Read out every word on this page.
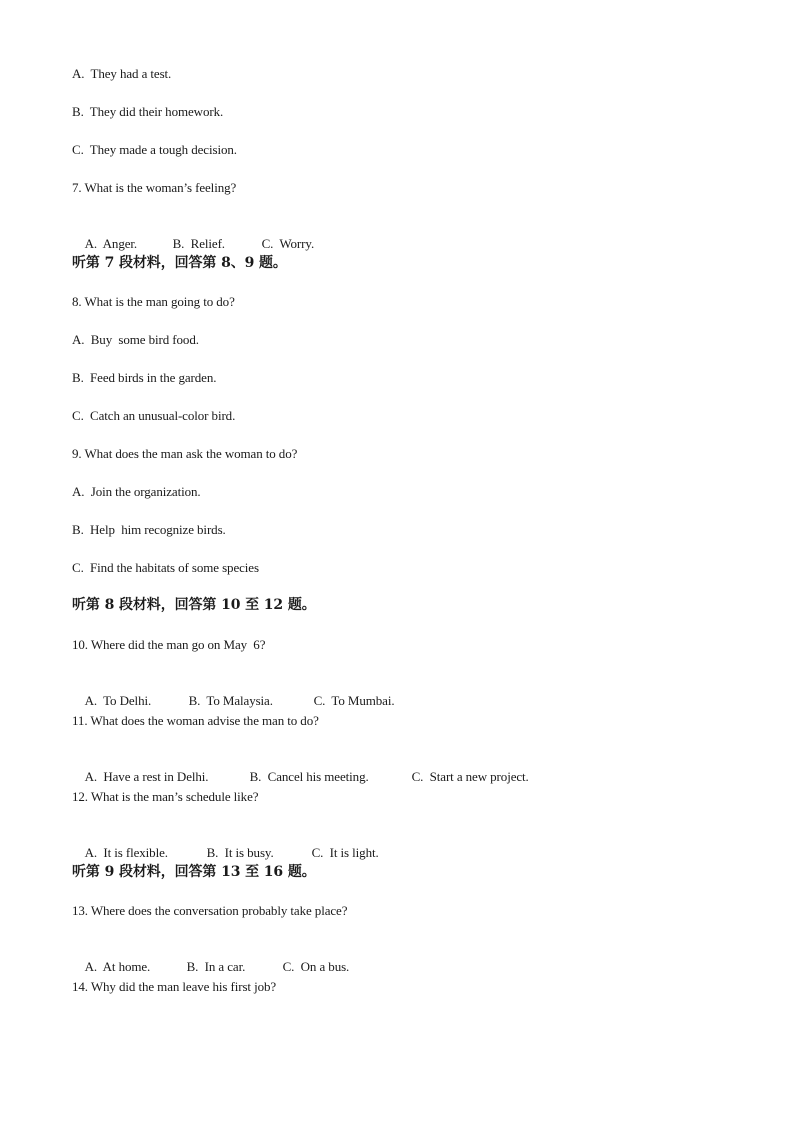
A.  They had a test.
B.  They did their homework.
C.  They made a tough decision.
7. What is the woman’s feeling?

A.  Anger.	B.  Relief.	C.  Worry.

听第 7 段材料，回答第 8、9 题。
8. What is the man going to do?
A.  Buy  some bird food.
B.  Feed birds in the garden.
C.  Catch an unusual-color bird.
9. What does the man ask the woman to do?
A.  Join the organization.
B.  Help  him recognize birds.
C.  Find the habitats of some species
听第 8 段材料，回答第 10 至 12 题。
10. Where did the man go on May  6?

A.  To Delhi.	B.  To Malaysia.	C.  To Mumbai.

11. What does the woman advise the man to do?

A.  Have a rest in Delhi.	B.  Cancel his meeting.	C.  Start a new project.

12. What is the man’s schedule like?

A.  It is flexible.	B.  It is busy.	C.  It is light.

听第 9 段材料，回答第 13 至 16 题。
13. Where does the conversation probably take place?

A.  At home.	B.  In a car.	C.  On a bus.

14. Why did the man leave his first job?
